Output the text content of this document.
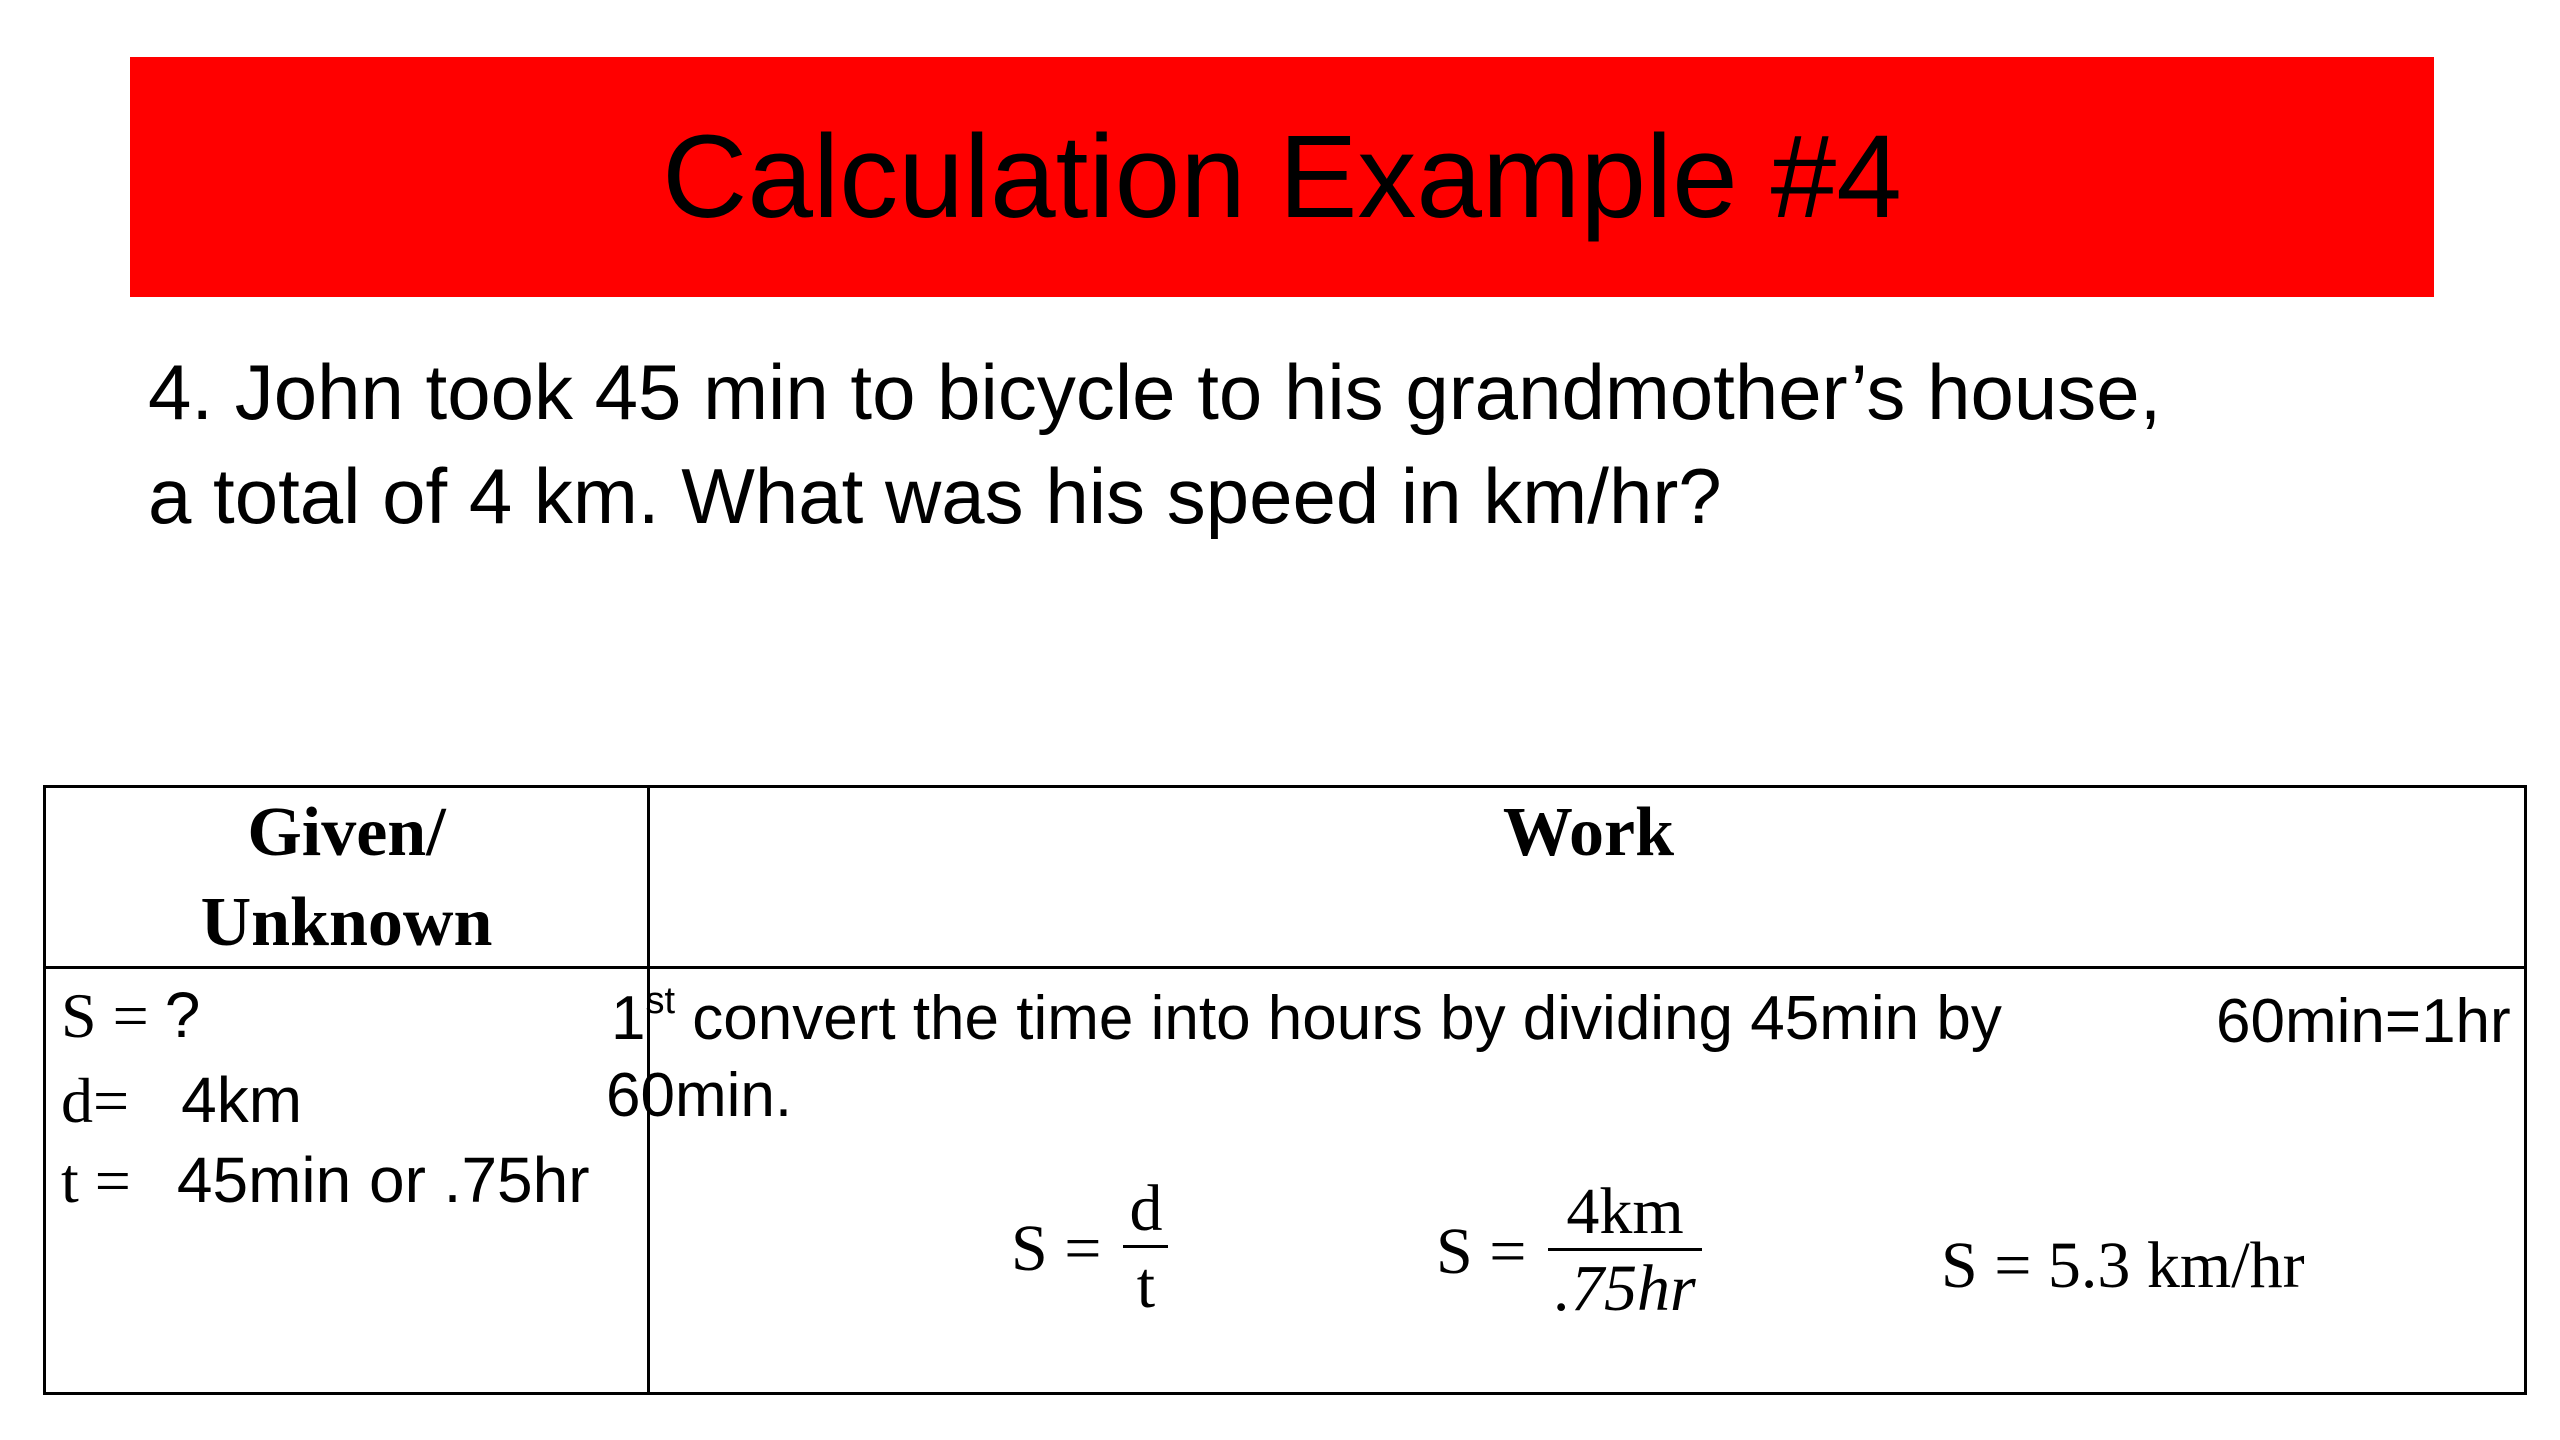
Calculation Example #4
4. John took 45 min to bicycle to his grandmother’s house,
a total of 4 km. What was his speed in km/hr?
Given/
Unknown
Work
S = ?
d= 4km
t = 45min or .75hr
1st convert the time into hours by dividing 45min by
60min.
60min=1hr
$S = \frac{d}{t}$	$S = \frac{4km}{.75hr}$	S = 5.3 km/hr
